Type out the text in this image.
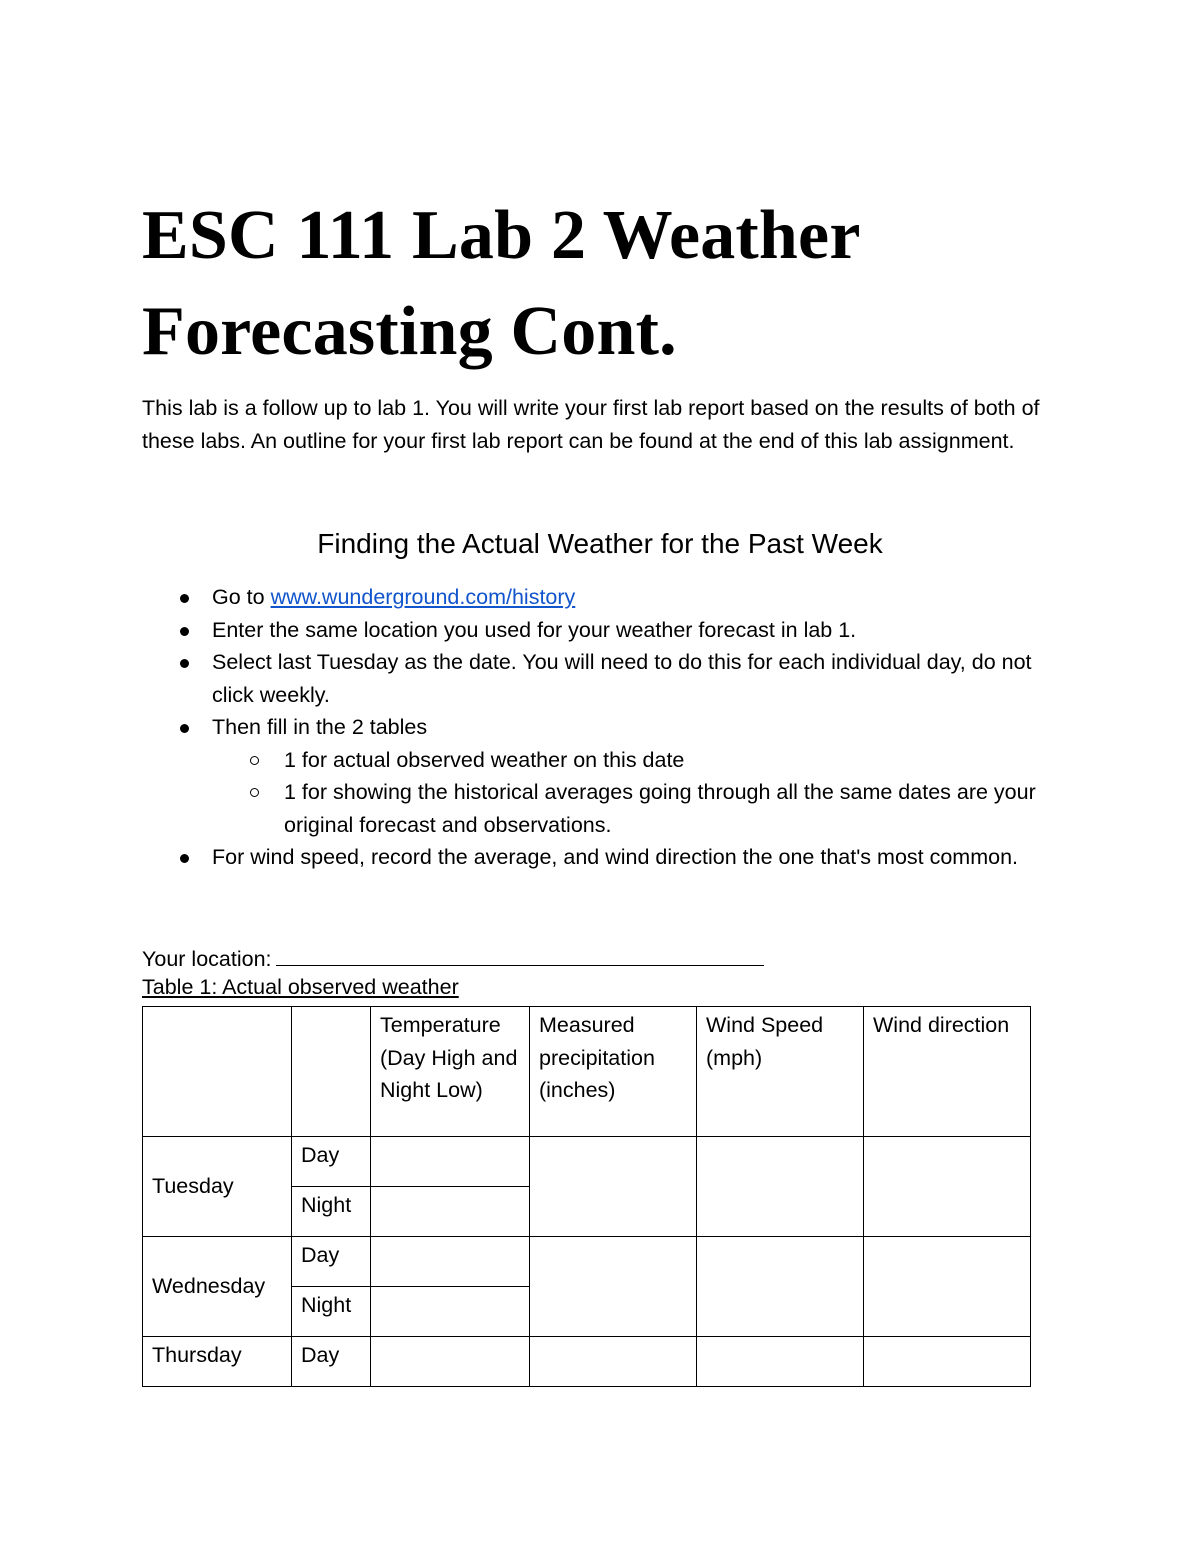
ESC 111 Lab 2 Weather Forecasting Cont.

This lab is a follow up to lab 1. You will write your first lab report based on the results of both of these labs. An outline for your first lab report can be found at the end of this lab assignment.

Finding the Actual Weather for the Past Week
Go to www.wunderground.com/history
Enter the same location you used for your weather forecast in lab 1.
Select last Tuesday as the date. You will need to do this for each individual day, do not click weekly.
Then fill in the 2 tables
1 for actual observed weather on this date
1 for showing the historical averages going through all the same dates are your original forecast and observations.
For wind speed, record the average, and wind direction the one that's most common.

Your location:

Table 1: Actual observed weather

		Temperature (Day High and Night Low)	Measured precipitation (inches)	Wind Speed (mph)	Wind direction
Tuesday	Day				
	Night				
Wednesday	Day				
	Night				
Thursday	Day				
